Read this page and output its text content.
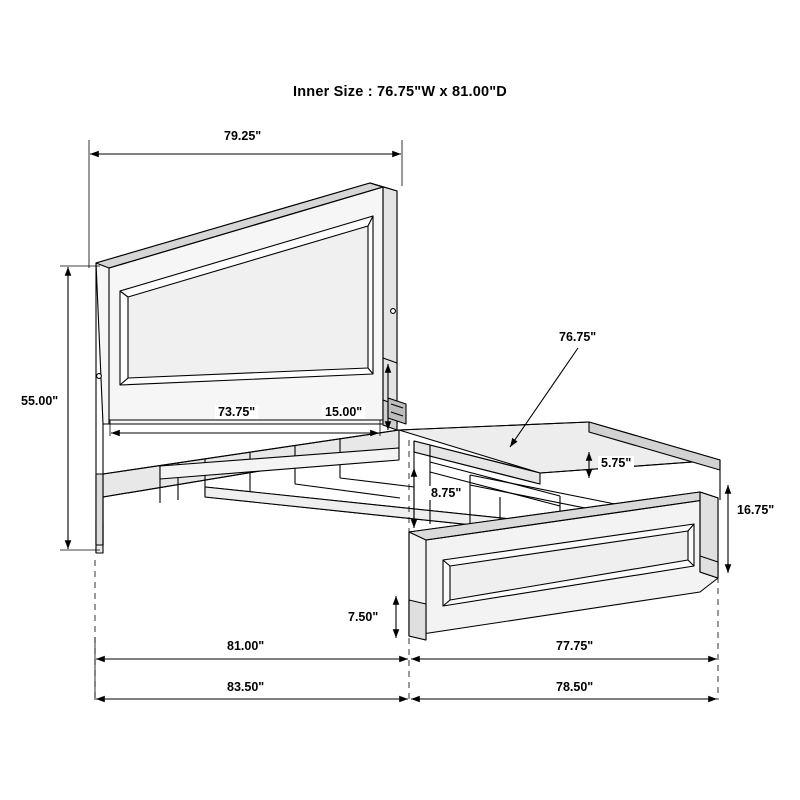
Inner Size : 76.75"W x 81.00"D
79.25"
55.00"
73.75"	15.00"
76.75"
5.75"
16.75"
8.75"
7.50"
81.00"	77.75"
83.50"	78.50"
